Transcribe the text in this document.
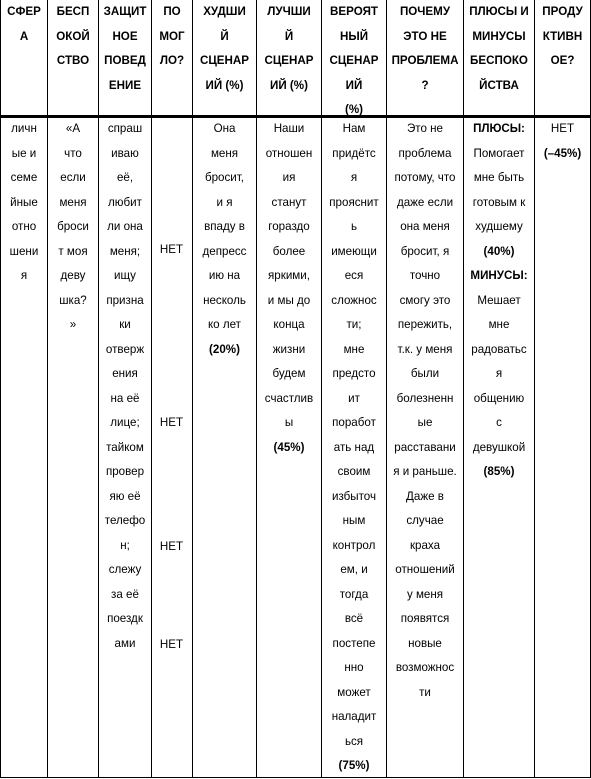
СФЕР
А
БЕСП
ОКОЙ
СТВО
ЗАЩИТ
НОЕ
ПОВЕД
ЕНИЕ
ПО
МОГ
ЛО?
ХУДШИ
Й
СЦЕНАР
ИЙ (%)
ЛУЧШИ
Й
СЦЕНАР
ИЙ (%)
ВЕРОЯТ
НЫЙ
СЦЕНАР
ИЙ
(%)
ПОЧЕМУ
ЭТО НЕ
ПРОБЛЕМА
?
ПЛЮСЫ И
МИНУСЫ
БЕСПОКО
ЙСТВА
ПРОДУ
КТИВН
ОЕ?
личн
ые и
семе
йные
отно
шени
я
«А
что
если
меня
броси
т моя
деву
шка?
»
спраш
иваю
её,
любит
ли она
меня;
ищу
призна
ки
отверж
ения
на её
лице;
тайком
провер
яю её
телефо
н;
слежу
за её
поездк
ами
НЕТ
НЕТ
НЕТ
НЕТ
Она
меня
бросит,
и я
впаду в
депресс
ию на
несколь
ко лет
(20%)
Наши
отношен
ия
станут
гораздо
более
яркими,
и мы до
конца
жизни
будем
счастлив
ы
(45%)
Нам
придётс
я
прояснит
ь
имеющи
еся
сложнос
ти;
мне
предсто
ит
поработ
ать над
своим
избыточ
ным
контрол
ем, и
тогда
всё
постепе
нно
может
наладит
ься
(75%)
Это не
проблема
потому, что
даже если
она меня
бросит, я
точно
смогу это
пережить,
т.к. у меня
были
болезненн
ые
расставани
я и раньше.
Даже в
случае
краха
отношений
у меня
появятся
новые
возможнос
ти
ПЛЮСЫ:
Помогает
мне быть
готовым к
худшему
(40%)
МИНУСЫ:
Мешает
мне
радоватьс
я
общению
с
девушкой
(85%)
НЕТ
(–45%)
